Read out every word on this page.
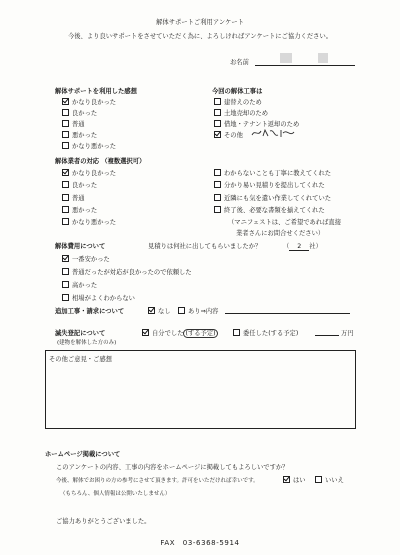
解体サポートご利用アンケート
今後、より良いサポートをさせていただく為に、よろしければアンケートにご協力ください。
お名前
解体サポートを利用した感想
かなり良かった
良かった
普通
悪かった
かなり悪かった
今回の解体工事は
建替えのため
土地売却のため
借地・テナント返却のため
その他
解体業者の対応 （複数選択可）
かなり良かった
良かった
普通
悪かった
かなり悪かった
わからないことも丁寧に教えてくれた
分かり易い見積りを提出してくれた
近隣にも気を遣い作業してくれていた
終了後、必要な書類を揃えてくれた
（マニフェストは、ご希望であれば直接
業者さんにお問合せください）
解体費用について	見積りは何社に出してもらいましたか？	（ 2 社）
一番安かった
普通だったが対応が良かったので依頼した
高かった
相場がよくわからない
追加工事・請求について	なし	あり⇒内容
滅失登記について
(建物を解体した方のみ)
自分でした (する予定)	委任した(する予定)	万円
その他ご意見・ご感想
ホームページ掲載について
このアンケートの内容、工事の内容をホームページに掲載してもよろしいですか？
今後、解体でお困りの方の参考にさせて頂きます。許可をいただければ幸いです。	はい	いいえ
（もちろん、個人情報は公開いたしません）
ご協力ありがとうございました。
FAX　03-6368-5914
